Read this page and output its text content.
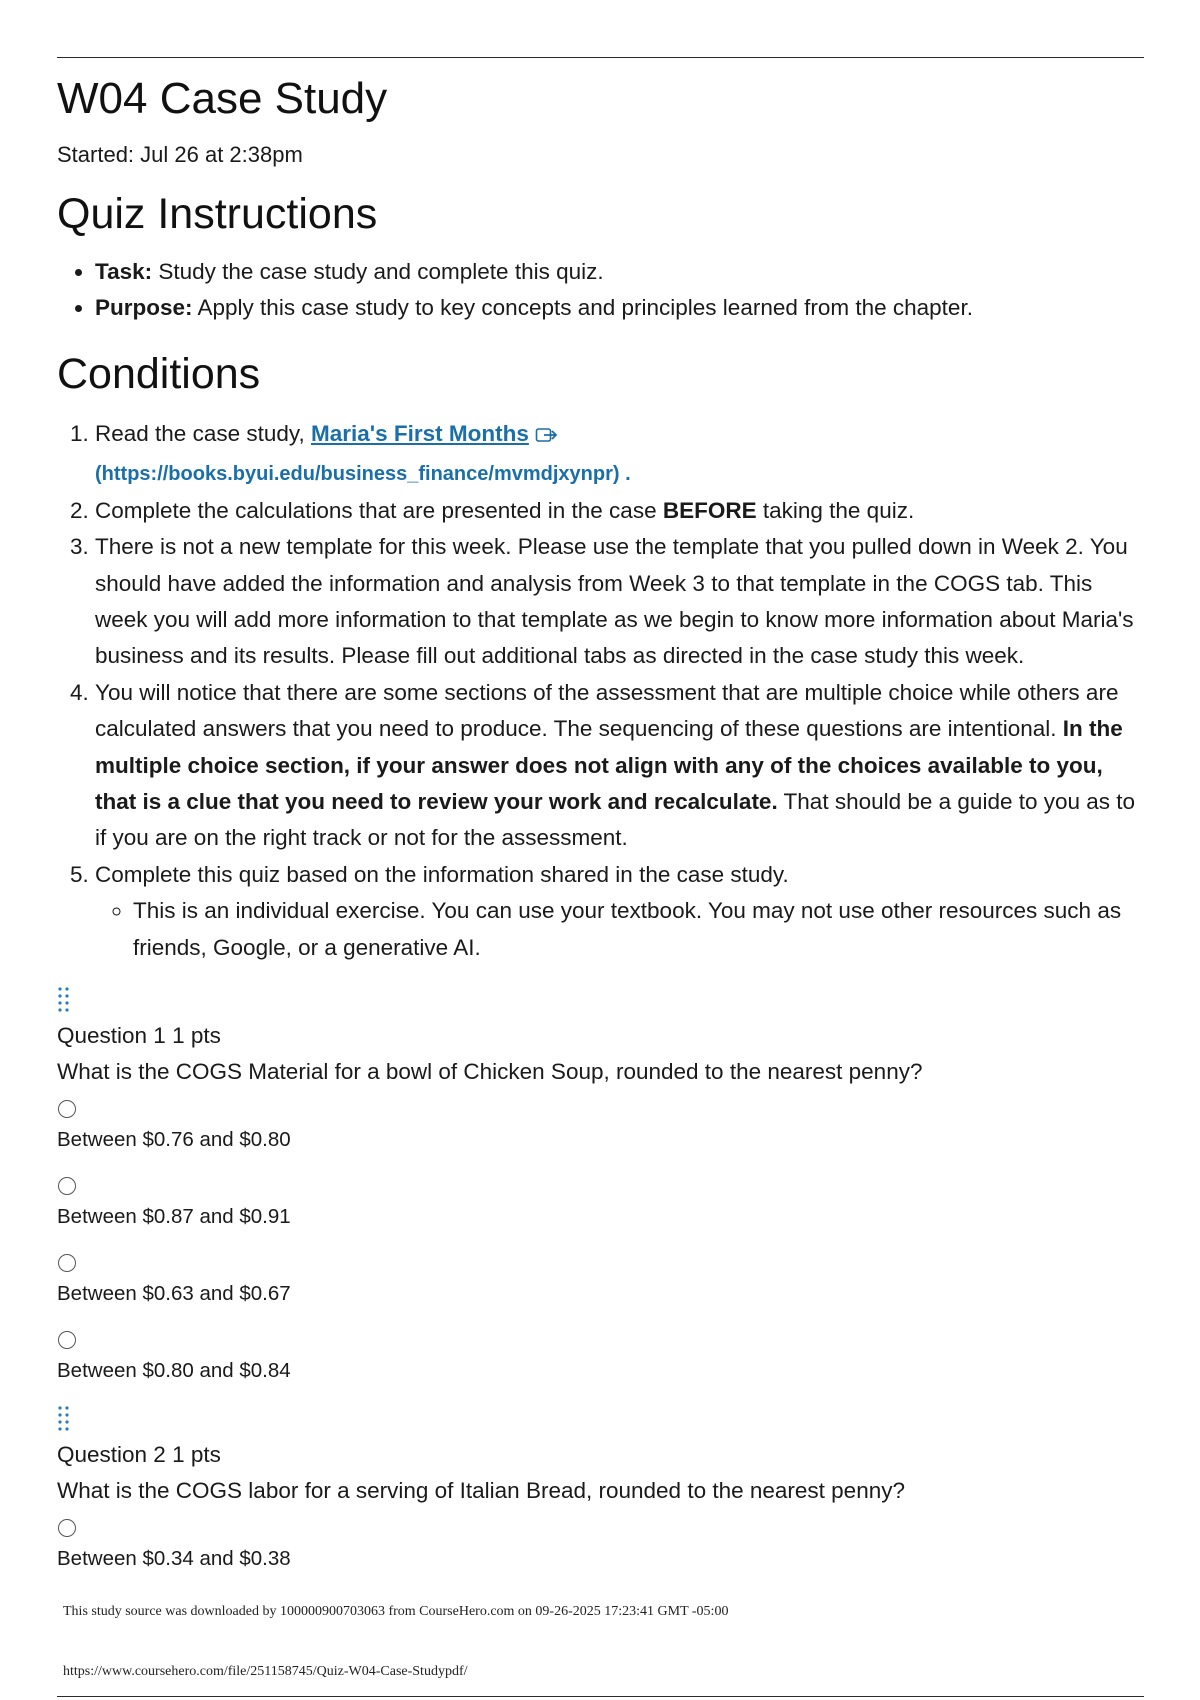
W04 Case Study

Started: Jul 26 at 2:38pm

Quiz Instructions
• Task: Study the case study and complete this quiz.
• Purpose: Apply this case study to key concepts and principles learned from the chapter.
Conditions
1. Read the case study, Maria's First Months
(https://books.byui.edu/business_finance/mvmdjxynpr) .
2. Complete the calculations that are presented in the case BEFORE taking the quiz.
3. There is not a new template for this week. Please use the template that you pulled down in Week 2. You should have added the information and analysis from Week 3 to that template in the COGS tab. This week you will add more information to that template as we begin to know more information about Maria's business and its results. Please fill out additional tabs as directed in the case study this week.
4. You will notice that there are some sections of the assessment that are multiple choice while others are calculated answers that you need to produce. The sequencing of these questions are intentional. In the multiple choice section, if your answer does not align with any of the choices available to you, that is a clue that you need to review your work and recalculate. That should be a guide to you as to if you are on the right track or not for the assessment.
5. Complete this quiz based on the information shared in the case study.
◦ This is an individual exercise. You can use your textbook. You may not use other resources such as friends, Google, or a generative AI.
Question 1 1 pts
What is the COGS Material for a bowl of Chicken Soup, rounded to the nearest penny?
Between $0.76 and $0.80
Between $0.87 and $0.91
Between $0.63 and $0.67
Between $0.80 and $0.84
Question 2 1 pts
What is the COGS labor for a serving of Italian Bread, rounded to the nearest penny?
Between $0.34 and $0.38
This study source was downloaded by 100000900703063 from CourseHero.com on 09-26-2025 17:23:41 GMT -05:00
https://www.coursehero.com/file/251158745/Quiz-W04-Case-Studypdf/
